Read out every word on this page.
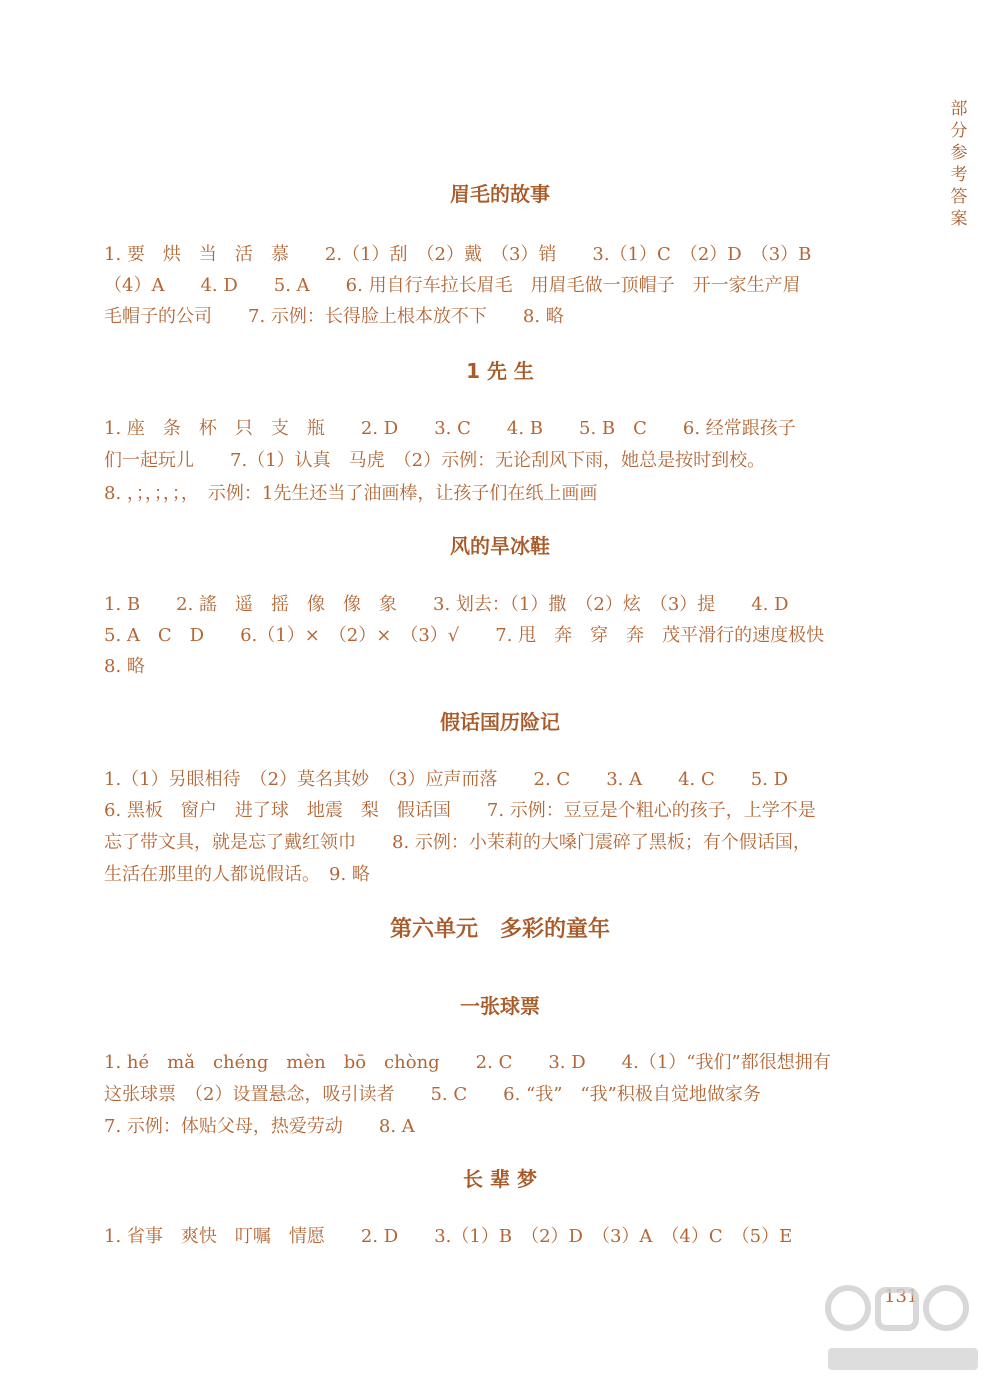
部分参考答案
眉毛的故事

1. 要　烘　当　活　慕　　2.（1）刮　（2）戴　（3）销　　3.（1）C　（2）D　（3）B

（4）A　　4. D　　5. A　　6. 用自行车拉长眉毛　用眉毛做一顶帽子　开一家生产眉

毛帽子的公司　　7. 示例：长得脸上根本放不下　　8. 略

1 先 生

1. 座　条　杯　只　支　瓶　　2. D　　3. C　　4. B　　5. B　C　　6. 经常跟孩子

们一起玩儿　　7.（1）认真　马虎　（2）示例：无论刮风下雨，她总是按时到校。

8. ，；，；，；，　示例：1先生还当了油画棒，让孩子们在纸上画画

风的旱冰鞋

1. B　　2. 謠　遥　摇　像　像　象　　3. 划去：（1）撒　（2）炫　（3）提　　4. D

5. A　C　D　　6.（1）×　（2）×　（3）√　　7. 甩　奔　穿　奔　茂平滑行的速度极快

8. 略

假话国历险记

1.（1）另眼相待　（2）莫名其妙　（3）应声而落　　2. C　　3. A　　4. C　　5. D

6. 黑板　窗户　进了球　地震　梨　假话国　　7. 示例：豆豆是个粗心的孩子，上学不是

忘了带文具，就是忘了戴红领巾　　8. 示例：小茉莉的大嗓门震碎了黑板；有个假话国，

生活在那里的人都说假话。　9. 略

第六单元　多彩的童年
一张球票

1. hé　mǎ　chéng　mèn　bō　chòng　　2. C　　3. D　　4.（1）“我们”都很想拥有

这张球票　（2）设置悬念，吸引读者　　5. C　　6. “我”　“我”积极自觉地做家务

7. 示例：体贴父母，热爱劳动　　8. A

长 辈 梦

1. 省事　爽快　叮嘱　情愿　　2. D　　3.（1）B　（2）D　（3）A　（4）C　（5）E

131
